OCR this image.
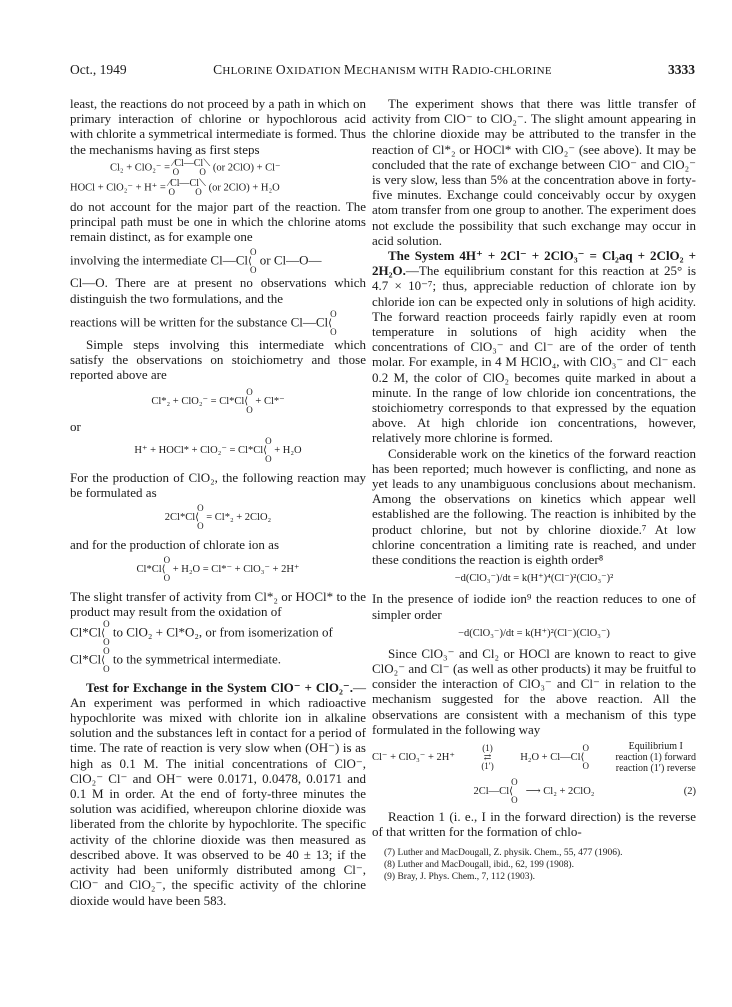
Oct., 1949	CHLORINE OXIDATION MECHANISM WITH RADIO-CHLORINE	3333

least, the reactions do not proceed by a path in which on primary interaction of chlorine or hypochlorous acid with chlorite a symmetrical intermediate is formed. Thus the mechanisms having as first steps

Cl₂ + ClO₂⁻ = ⁄Cl—Cl⟍
O O (or 2ClO) + Cl⁻
HOCl + ClO₂⁻ + H⁺ = ⁄Cl—Cl⟍
O O (or 2ClO) + H₂O

do not account for the major part of the reaction. The principal path must be one in which the chlorine atoms remain distinct, as for example one

involving the intermediate Cl—Cl
O
⟨
O
or Cl—O—

Cl—O. There are at present no observations which distinguish the two formulations, and the

reactions will be written for the substance Cl—Cl
O
⟨
O

Simple steps involving this intermediate which satisfy the observations on stoichiometry and those reported above are

Cl*₂ + ClO₂⁻ = Cl*Cl
O
⟨
O
+ Cl*⁻
or
H⁺ + HOCl* + ClO₂⁻ = Cl*Cl
O
⟨
O
+ H₂O

For the production of ClO₂, the following reaction may be formulated as

2Cl*Cl
O
⟨
O
= Cl*₂ + 2ClO₂

and for the production of chlorate ion as

Cl*Cl
O
⟨
O
+ H₂O = Cl*⁻ + ClO₃⁻ + 2H⁺

The slight transfer of activity from Cl*₂ or HOCl* to the product may result from the oxidation of

Cl*Cl
O
⟨
O
to ClO₂ + Cl*O₂, or from isomerization of

Cl*Cl
O
⟨
O
to the symmetrical intermediate.

Test for Exchange in the System ClO⁻ + ClO₂⁻.—An experiment was performed in which radioactive hypochlorite was mixed with chlorite ion in alkaline solution and the substances left in contact for a period of time. The rate of reaction is very slow when (OH⁻) is as high as 0.1 M. The initial concentrations of ClO⁻, ClO₂⁻ Cl⁻ and OH⁻ were 0.0171, 0.0478, 0.0171 and 0.1 M in order. At the end of forty-three minutes the solution was acidified, whereupon chlorine dioxide was liberated from the chlorite by hypochlorite. The specific activity of the chlorine dioxide was then measured as described above. It was observed to be 40 ± 13; if the activity had been uniformly distributed among Cl⁻, ClO⁻ and ClO₂⁻, the specific activity of the chlorine dioxide would have been 583.

The experiment shows that there was little transfer of activity from ClO⁻ to ClO₂⁻. The slight amount appearing in the chlorine dioxide may be attributed to the transfer in the reaction of Cl*₂ or HOCl* with ClO₂⁻ (see above). It may be concluded that the rate of exchange between ClO⁻ and ClO₂⁻ is very slow, less than 5% at the concentration above in forty-five minutes. Exchange could conceivably occur by oxygen atom transfer from one group to another. The experiment does not exclude the possibility that such exchange may occur in acid solution.

The System 4H⁺ + 2Cl⁻ + 2ClO₃⁻ = Cl₂aq + 2ClO₂ + 2H₂O.—The equilibrium constant for this reaction at 25° is 4.7 × 10⁻⁷; thus, appreciable reduction of chlorate ion by chloride ion can be expected only in solutions of high acidity. The forward reaction proceeds fairly rapidly even at room temperature in solutions of high acidity when the concentrations of ClO₃⁻ and Cl⁻ are of the order of tenth molar. For example, in 4 M HClO₄, with ClO₃⁻ and Cl⁻ each 0.2 M, the color of ClO₂ becomes quite marked in about a minute. In the range of low chloride ion concentrations, the stoichiometry corresponds to that expressed by the equation above. At high chloride ion concentrations, however, relatively more chlorine is formed.

Considerable work on the kinetics of the forward reaction has been reported; much however is conflicting, and none as yet leads to any unambiguous conclusions about mechanism. Among the observations on kinetics which appear well established are the following. The reaction is inhibited by the product chlorine, but not by chlorine dioxide.⁷ At low chlorine concentration a limiting rate is reached, and under these conditions the reaction is eighth order⁸

−d(ClO₃⁻)/dt = k(H⁺)⁴(Cl⁻)²(ClO₃⁻)²

In the presence of iodide ion⁹ the reaction reduces to one of simpler order

−d(ClO₃⁻)/dt = k(H⁺)²(Cl⁻)(ClO₃⁻)

Since ClO₃⁻ and Cl₂ or HOCl are known to react to give ClO₂⁻ and Cl⁻ (as well as other products) it may be fruitful to consider the interaction of ClO₃⁻ and Cl⁻ in relation to the mechanism suggested for the above reaction. All the observations are consistent with a mechanism of this type formulated in the following way

Cl⁻ + ClO₃⁻ + 2H⁺
(1)
⇄
(1′)
H₂O + Cl—Cl
O
⟨
O
Equilibrium I
reaction (1) forward
reaction (1′) reverse
2Cl—Cl
O
⟨
O
⟶ Cl₂ + 2ClO₂	(2)

Reaction 1 (i. e., I in the forward direction) is the reverse of that written for the formation of chlo-

(7) Luther and MacDougall, Z. physik. Chem., 55, 477 (1906).
(8) Luther and MacDougall, ibid., 62, 199 (1908).
(9) Bray, J. Phys. Chem., 7, 112 (1903).
